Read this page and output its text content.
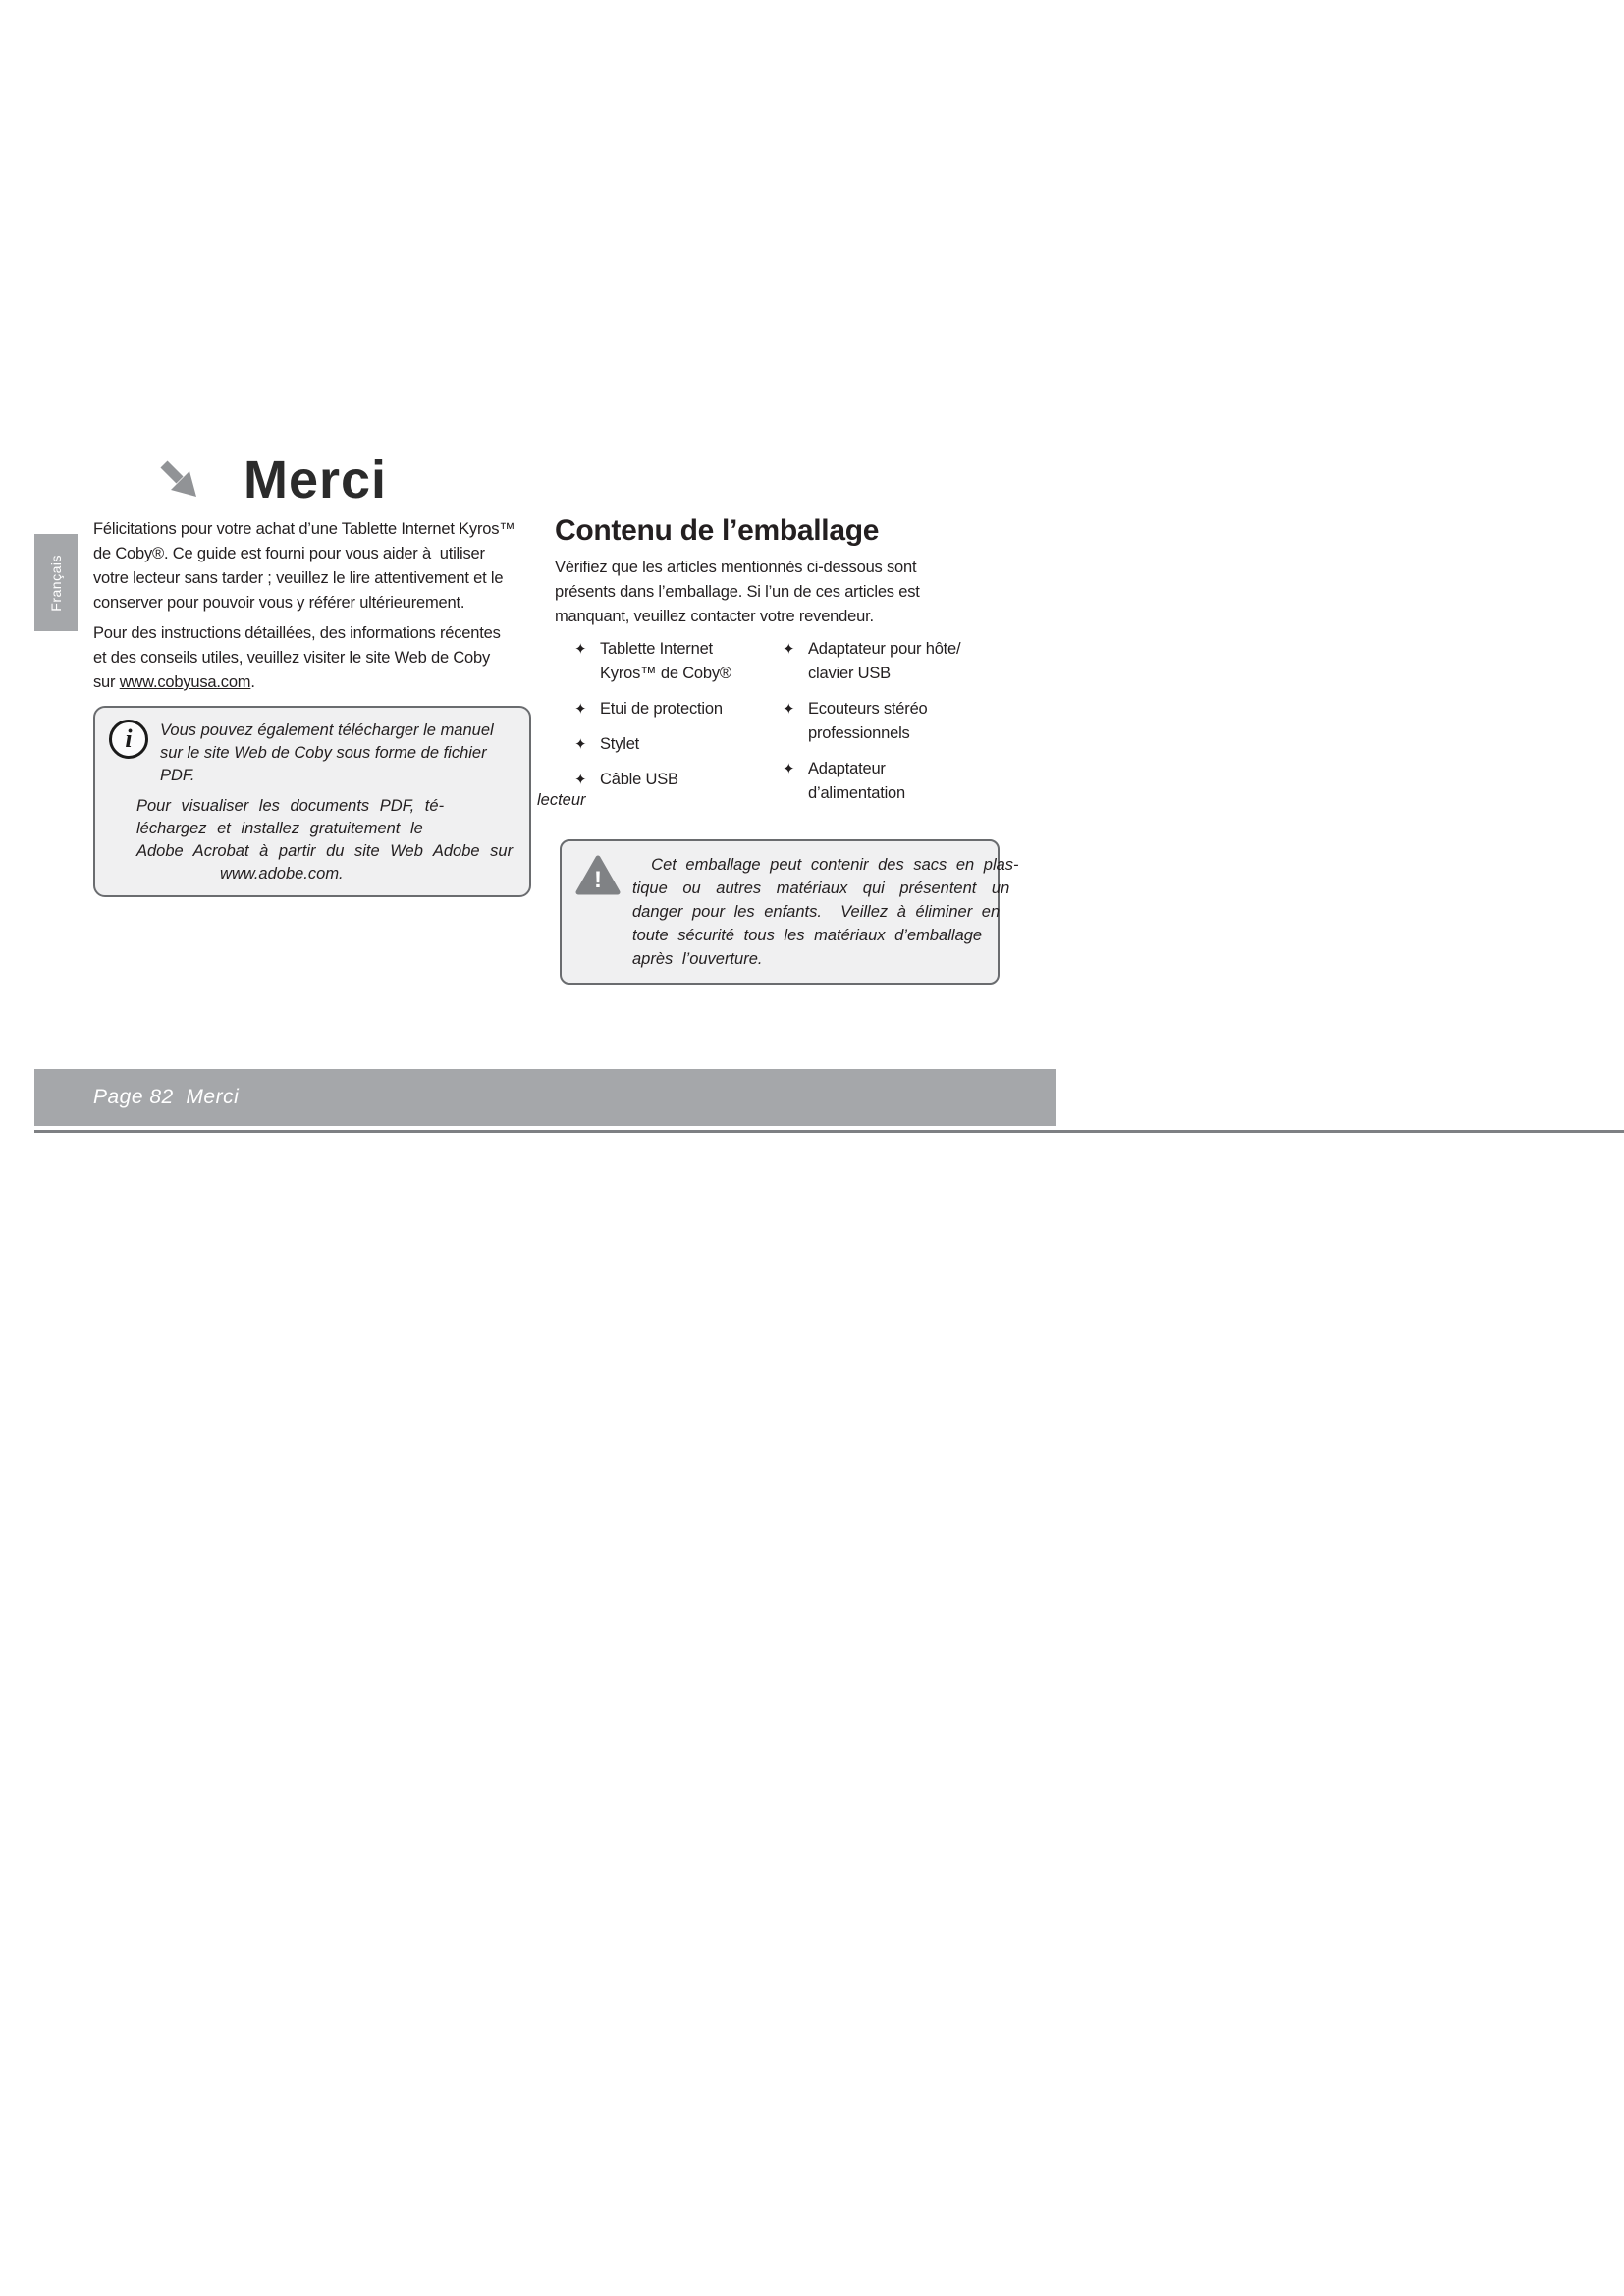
Merci
Français
Félicitations pour votre achat d’une Tablette Internet Kyros™
de Coby®. Ce guide est fourni pour vous aider à  utiliser
votre lecteur sans tarder ; veuillez le lire attentivement et le
conserver pour pouvoir vous y référer ultérieurement.
Pour des instructions détaillées, des informations récentes
et des conseils utiles, veuillez visiter le site Web de Coby
sur www.cobyusa.com.
i Vous pouvez également télécharger le manuel
sur le site Web de Coby sous forme de fichier
PDF.
Pour visualiser les documents PDF, té-
léchargez et installez gratuitement le
Adobe Acrobat à partir du site Web Adobe sur
www.adobe.com.
lecteur
Contenu de l’emballage
Vérifiez que les articles mentionnés ci-dessous sont
présents dans l’emballage. Si l’un de ces articles est
manquant, veuillez contacter votre revendeur.
✦ Tablette Internet Kyros™ de Coby®
✦ Etui de protection
✦ Stylet
✦ Câble USB
✦ Adaptateur pour hôte/ clavier USB
✦ Ecouteurs stéréo professionnels
✦ Adaptateur d’alimentation
!
Cet emballage peut contenir des sacs en plas-
tique ou autres matériaux qui présentent un
danger pour les enfants.  Veillez à éliminer en
toute sécurité tous les matériaux d’emballage
après l’ouverture.
Page 82  Merci
